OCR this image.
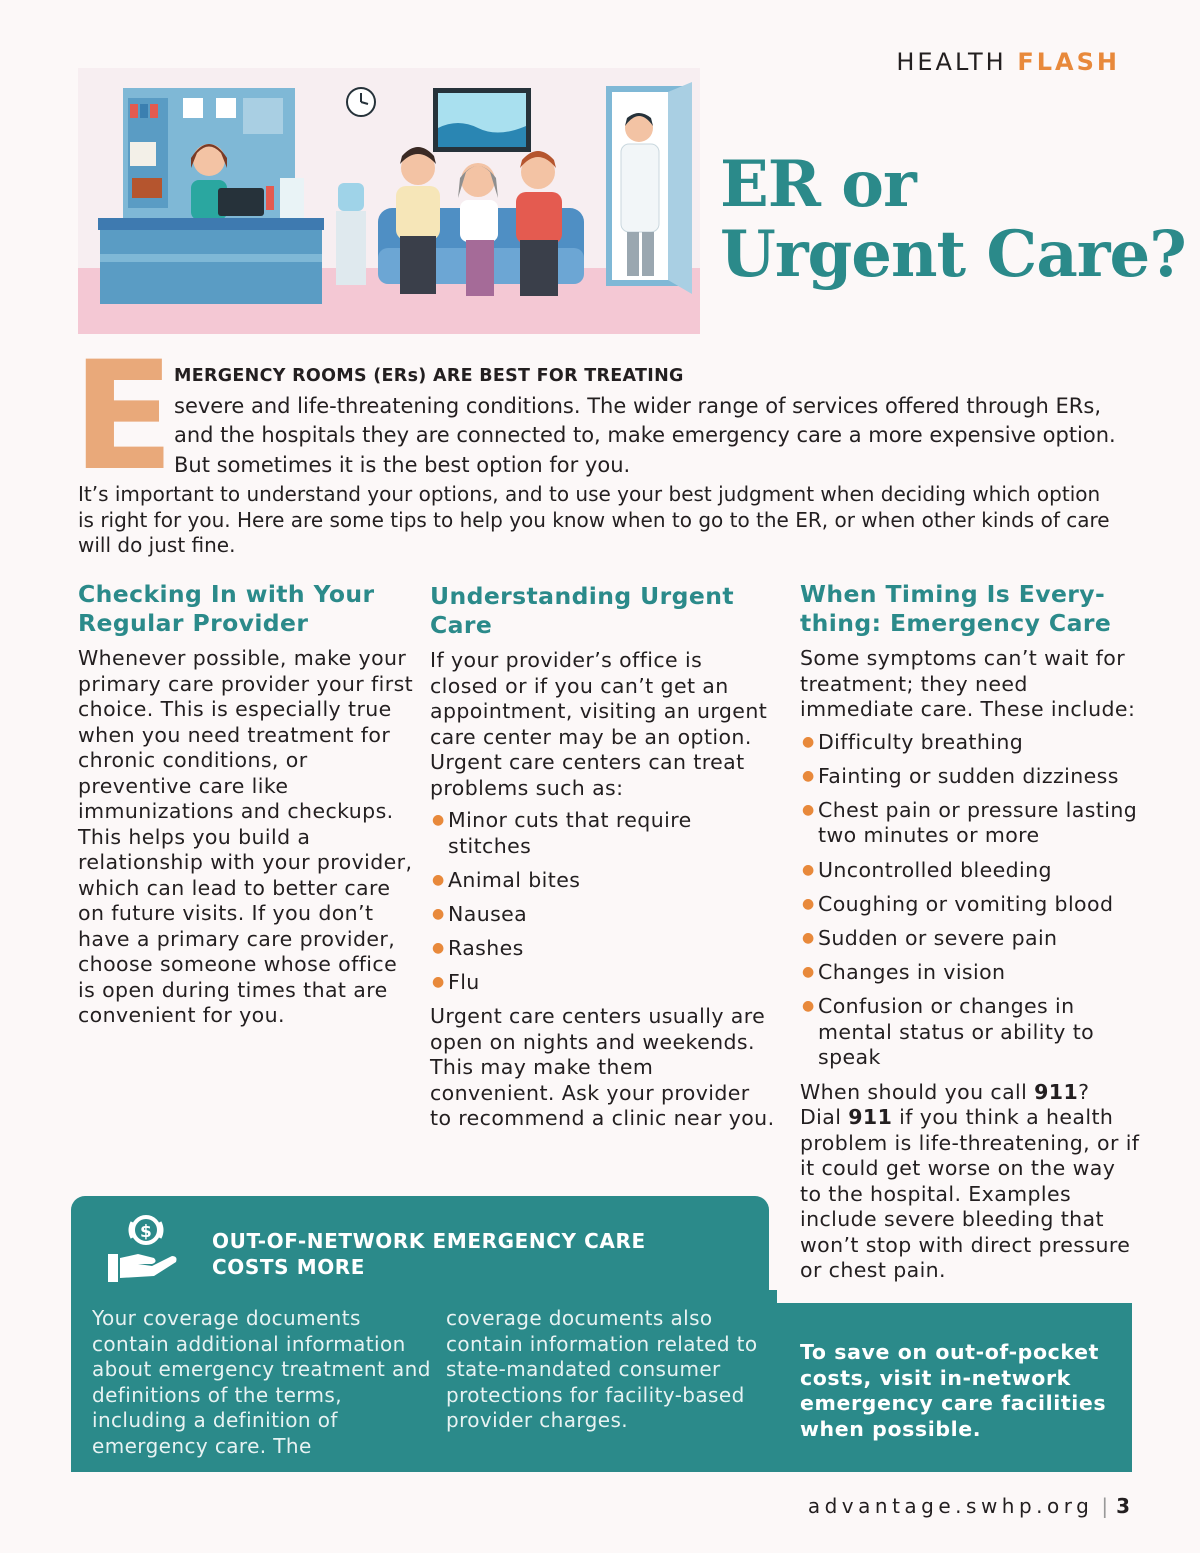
HEALTH FLASH
ER or
Urgent Care?
E MERGENCY ROOMS (ERs) ARE BEST FOR TREATING
severe and life-threatening conditions. The wider range of services offered through ERs, and the hospitals they are connected to, make emergency care a more expensive option. But sometimes it is the best option for you.

It’s important to understand your options, and to use your best judgment when deciding which option is right for you. Here are some tips to help you know when to go to the ER, or when other kinds of care will do just fine.

Checking In with Your Regular Provider

Whenever possible, make your primary care provider your first choice. This is especially true when you need treatment for chronic conditions, or preventive care like immunizations and checkups. This helps you build a relationship with your provider, which can lead to better care on future visits. If you don’t have a primary care provider, choose someone whose office is open during times that are convenient for you.

Understanding Urgent Care

If your provider’s office is closed or if you can’t get an appointment, visiting an urgent care center may be an option. Urgent care centers can treat problems such as:

● Minor cuts that require stitches
● Animal bites
● Nausea
● Rashes
● Flu

Urgent care centers usually are open on nights and weekends. This may make them convenient. Ask your provider to recommend a clinic near you.

When Timing Is Every-thing: Emergency Care

Some symptoms can’t wait for treatment; they need immediate care. These include:

● Difficulty breathing
● Fainting or sudden dizziness
● Chest pain or pressure lasting two minutes or more
● Uncontrolled bleeding
● Coughing or vomiting blood
● Sudden or severe pain
● Changes in vision
● Confusion or changes in mental status or ability to speak

When should you call 911?
Dial 911 if you think a health problem is life-threatening, or if it could get worse on the way to the hospital. Examples include severe bleeding that won’t stop with direct pressure or chest pain.

$	OUT-OF-NETWORK EMERGENCY CARE COSTS MORE

Your coverage documents contain additional information about emergency treatment and definitions of the terms, including a definition of emergency care. The

coverage documents also contain information related to state-mandated consumer protections for facility-based provider charges.

To save on out-of-pocket costs, visit in-network emergency care facilities when possible.

advantage.swhp.org | 3
